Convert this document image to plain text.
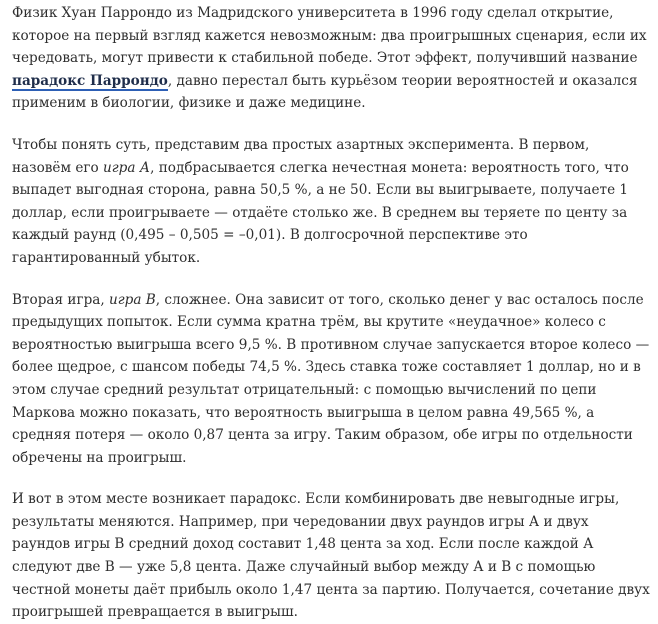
Физик Хуан Паррондо из Мадридского университета в 1996 году сделал открытие, которое на первый взгляд кажется невозможным: два проигрышных сценария, если их чередовать, могут привести к стабильной победе. Этот эффект, получивший название парадокс Паррондо, давно перестал быть курьёзом теории вероятностей и оказался применим в биологии, физике и даже медицине.

Чтобы понять суть, представим два простых азартных эксперимента. В первом, назовём его игра А, подбрасывается слегка нечестная монета: вероятность того, что выпадет выгодная сторона, равна 50,5 %, а не 50. Если вы выигрываете, получаете 1 доллар, если проигрываете — отдаёте столько же. В среднем вы теряете по центу за каждый раунд (0,495 – 0,505 = –0,01). В долгосрочной перспективе это гарантированный убыток.

Вторая игра, игра B, сложнее. Она зависит от того, сколько денег у вас осталось после предыдущих попыток. Если сумма кратна трём, вы крутите «неудачное» колесо с вероятностью выигрыша всего 9,5 %. В противном случае запускается второе колесо — более щедрое, с шансом победы 74,5 %. Здесь ставка тоже составляет 1 доллар, но и в этом случае средний результат отрицательный: с помощью вычислений по цепи Маркова можно показать, что вероятность выигрыша в целом равна 49,565 %, а средняя потеря — около 0,87 цента за игру. Таким образом, обе игры по отдельности обречены на проигрыш.

И вот в этом месте возникает парадокс. Если комбинировать две невыгодные игры, результаты меняются. Например, при чередовании двух раундов игры А и двух раундов игры B средний доход составит 1,48 цента за ход. Если после каждой А следуют две B — уже 5,8 цента. Даже случайный выбор между А и B с помощью честной монеты даёт прибыль около 1,47 цента за партию. Получается, сочетание двух проигрышей превращается в выигрыш.
